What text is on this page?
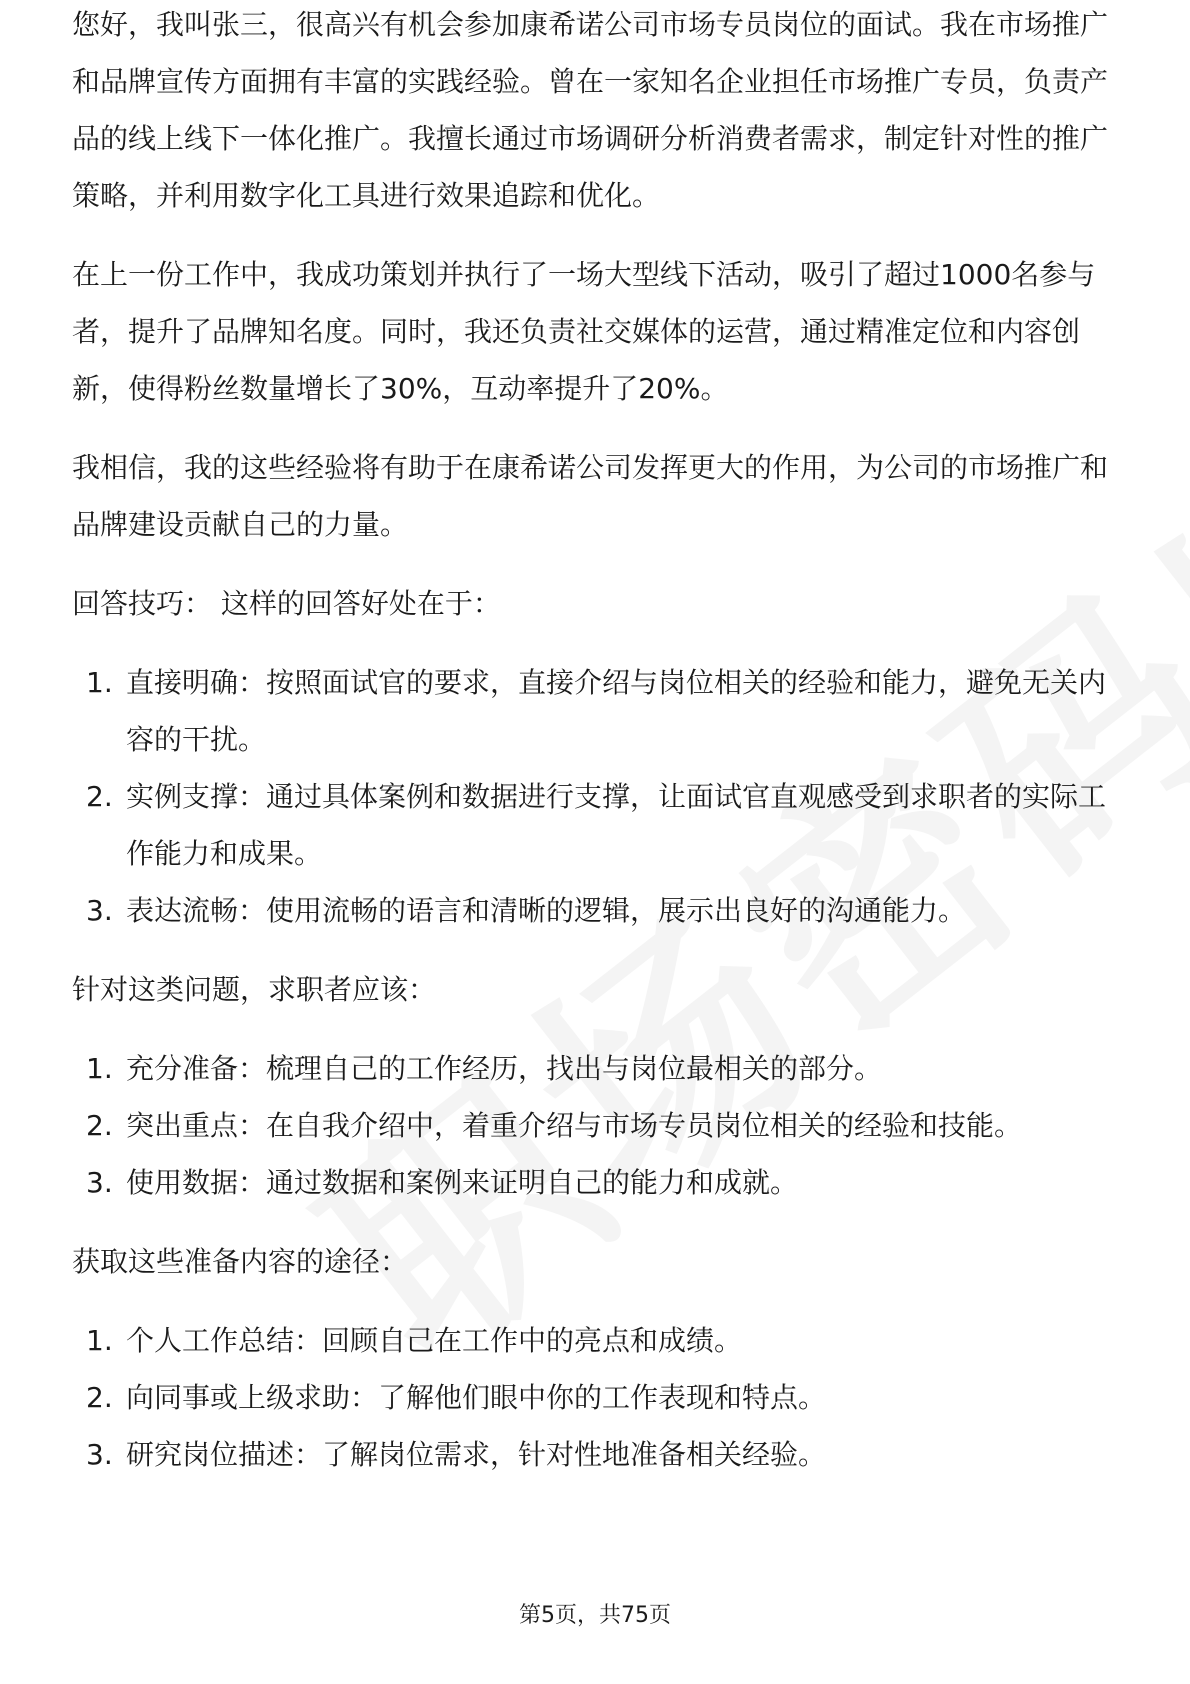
您好，我叫张三，很高兴有机会参加康希诺公司市场专员岗位的面试。我在市场推广和品牌宣传方面拥有丰富的实践经验。曾在一家知名企业担任市场推广专员，负责产品的线上线下一体化推广。我擅长通过市场调研分析消费者需求，制定针对性的推广策略，并利用数字化工具进行效果追踪和优化。

在上一份工作中，我成功策划并执行了一场大型线下活动，吸引了超过1000名参与者，提升了品牌知名度。同时，我还负责社交媒体的运营，通过精准定位和内容创新，使得粉丝数量增长了30%，互动率提升了20%。

我相信，我的这些经验将有助于在康希诺公司发挥更大的作用，为公司的市场推广和品牌建设贡献自己的力量。

回答技巧： 这样的回答好处在于：

1. 直接明确：按照面试官的要求，直接介绍与岗位相关的经验和能力，避免无关内容的干扰。
2. 实例支撑：通过具体案例和数据进行支撑，让面试官直观感受到求职者的实际工作能力和成果。
3. 表达流畅：使用流畅的语言和清晰的逻辑，展示出良好的沟通能力。

针对这类问题，求职者应该：

1. 充分准备：梳理自己的工作经历，找出与岗位最相关的部分。
2. 突出重点：在自我介绍中，着重介绍与市场专员岗位相关的经验和技能。
3. 使用数据：通过数据和案例来证明自己的能力和成就。

获取这些准备内容的途径：

1. 个人工作总结：回顾自己在工作中的亮点和成绩。
2. 向同事或上级求助：了解他们眼中你的工作表现和特点。
3. 研究岗位描述：了解岗位需求，针对性地准备相关经验。
第5页，共75页
